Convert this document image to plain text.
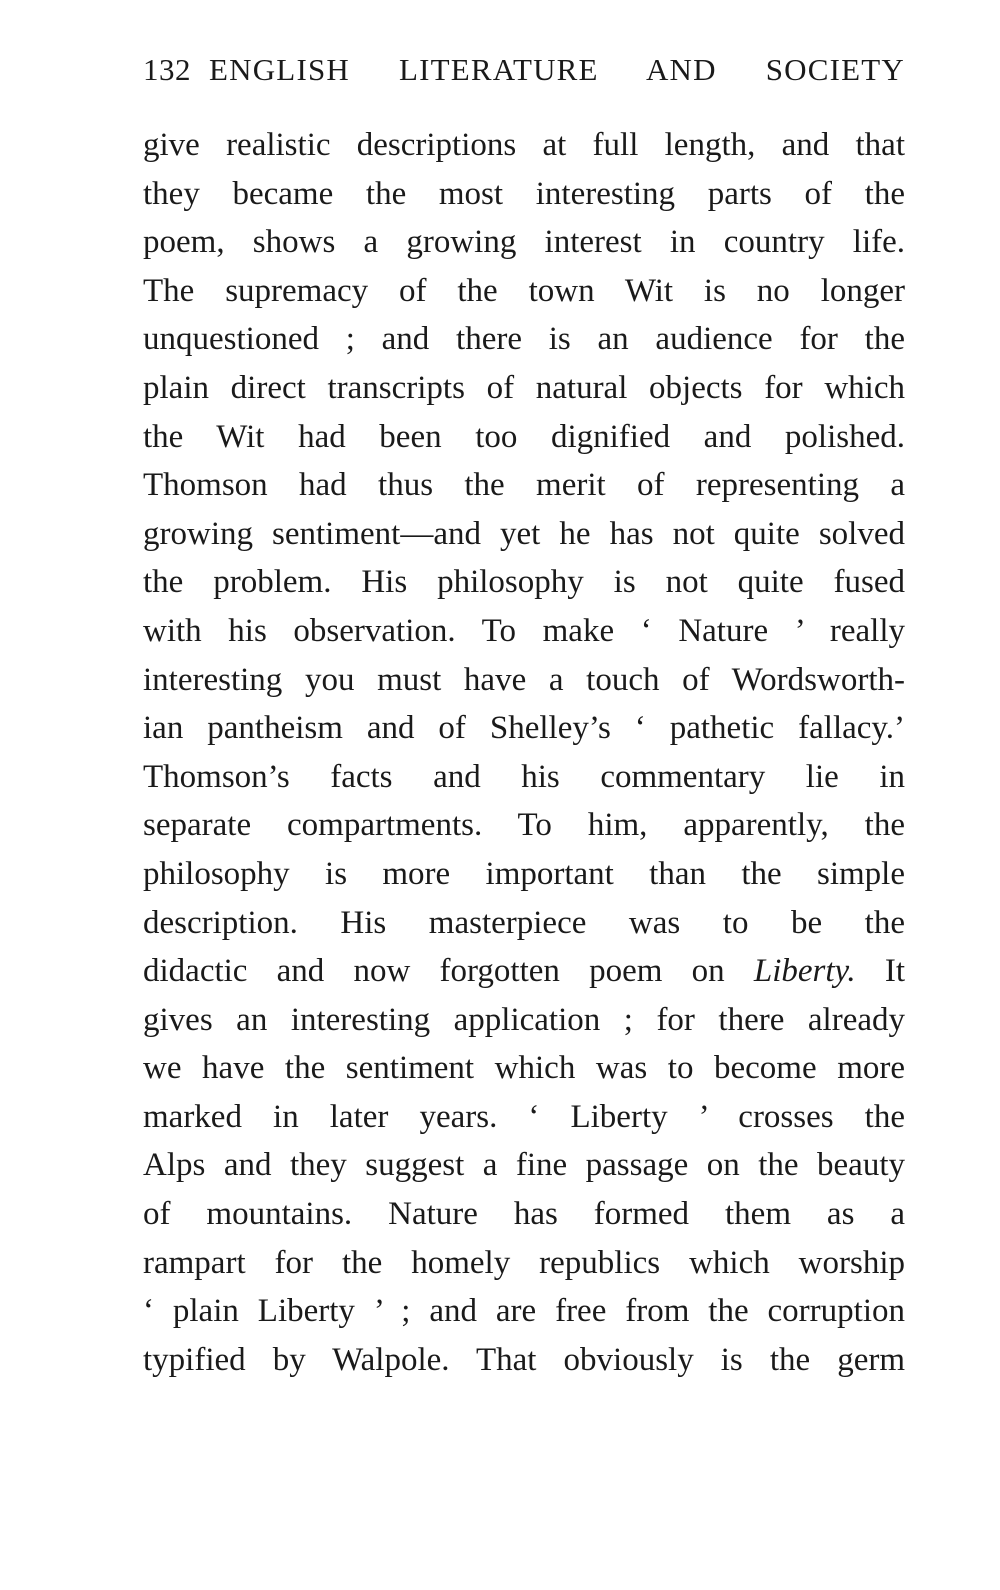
132 ENGLISH LITERATURE AND SOCIETY
give realistic descriptions at full length, and that
they became the most interesting parts of the
poem, shows a growing interest in country life.
The supremacy of the town Wit is no longer
unquestioned ; and there is an audience for the
plain direct transcripts of natural objects for which
the Wit had been too dignified and polished.
Thomson had thus the merit of representing a
growing sentiment—and yet he has not quite solved
the problem. His philosophy is not quite fused
with his observation. To make ‘ Nature ’ really
interesting you must have a touch of Wordsworth-
ian pantheism and of Shelley’s ‘ pathetic fallacy.’
Thomson’s facts and his commentary lie in
separate compartments. To him, apparently, the
philosophy is more important than the simple
description. His masterpiece was to be the
didactic and now forgotten poem on Liberty. It
gives an interesting application ; for there already
we have the sentiment which was to become more
marked in later years. ‘ Liberty ’ crosses the
Alps and they suggest a fine passage on the beauty
of mountains. Nature has formed them as a
rampart for the homely republics which worship
‘ plain Liberty ’ ; and are free from the corruption
typified by Walpole. That obviously is the germ
